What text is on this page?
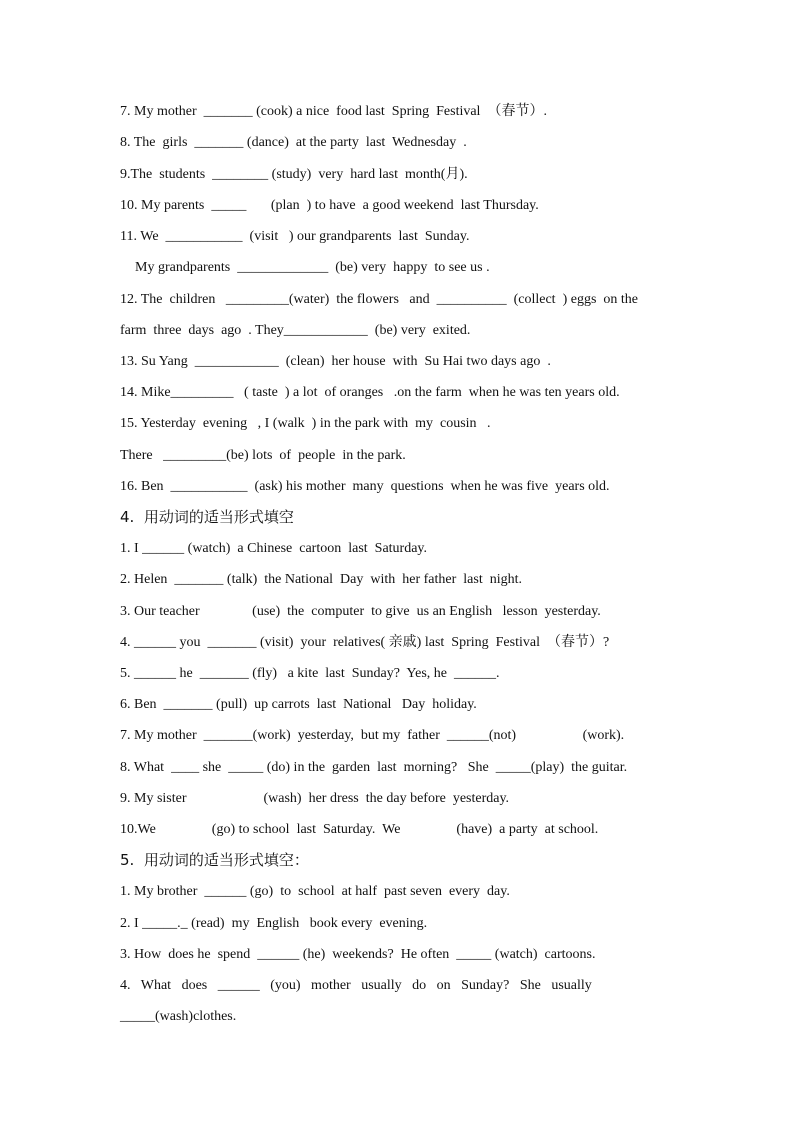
7. My mother  _______ (cook) a nice  food last  Spring  Festival  （春节）.
8. The  girls  _______ (dance)  at the party  last  Wednesday  .
9.The  students  ________ (study)  very  hard last  month(月).
10. My parents  _____       (plan  ) to have  a good weekend  last Thursday.
11. We  ___________  (visit   ) our grandparents  last  Sunday.
My grandparents  _____________  (be) very  happy  to see us .
12. The  children   _________(water)  the flowers   and  __________  (collect  ) eggs  on the
farm  three  days  ago  . They____________  (be) very  exited.
13. Su Yang  ____________  (clean)  her house  with  Su Hai two days ago  .
14. Mike_________   ( taste  ) a lot  of oranges   .on the farm  when he was ten years old.
15. Yesterday  evening   , I (walk  ) in the park with  my  cousin   .
There   _________(be) lots  of  people  in the park.
16. Ben  ___________  (ask) his mother  many  questions  when he was five  years old.
4.  用动词的适当形式填空
1. I ______ (watch)  a Chinese  cartoon  last  Saturday.
2. Helen  _______ (talk)  the National  Day  with  her father  last  night.
3. Our teacher               (use)  the  computer  to give  us an English   lesson  yesterday.
4. ______ you  _______ (visit)  your  relatives( 亲戚) last  Spring  Festival  （春节）?
5. ______ he  _______ (fly)   a kite  last  Sunday?  Yes, he  ______.
6. Ben  _______ (pull)  up carrots  last  National   Day  holiday.
7. My mother  _______(work)  yesterday,  but my  father  ______(not)                   (work).
8. What  ____ she  _____ (do) in the  garden  last  morning?   She  _____(play)  the guitar.
9. My sister                      (wash)  her dress  the day before  yesterday.
10.We                (go) to school  last  Saturday.  We                (have)  a party  at school.
5.  用动词的适当形式填空：
1. My brother  ______ (go)  to  school  at half  past seven  every  day.
2. I _____._ (read)  my  English   book every  evening.
3. How  does he  spend  ______ (he)  weekends?  He often  _____ (watch)  cartoons.
4.   What   does   ______   (you)   mother   usually   do   on   Sunday?   She   usually
_____(wash)clothes.
